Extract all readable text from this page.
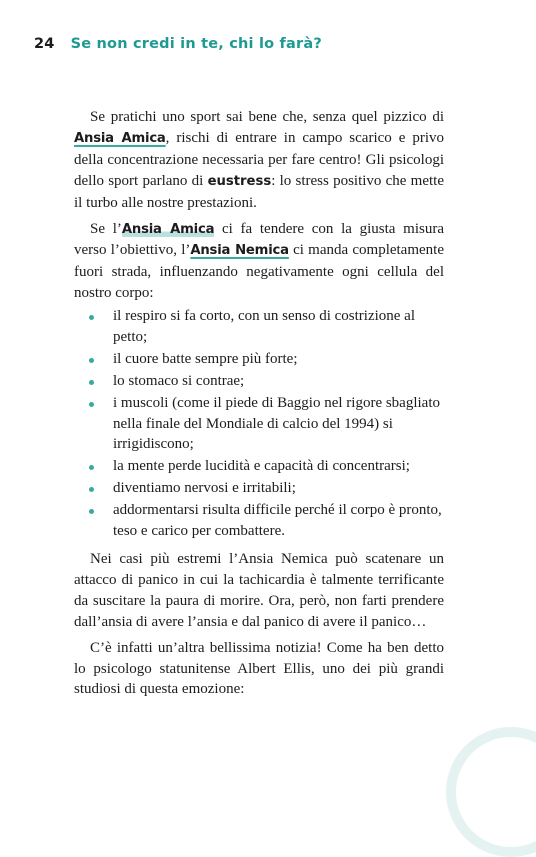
24 Se non credi in te, chi lo farà?

Se pratichi uno sport sai bene che, senza quel pizzico di Ansia Amica, rischi di entrare in campo scarico e privo della concentrazione necessaria per fare centro! Gli psicologi dello sport parlano di eustress: lo stress positivo che mette il turbo alle nostre prestazioni.

Se l’Ansia Amica ci fa tendere con la giusta misura verso l’obiettivo, l’Ansia Nemica ci manda completamente fuori strada, influenzando negativamente ogni cellula del nostro corpo:

il respiro si fa corto, con un senso di costrizione al petto;
il cuore batte sempre più forte;
lo stomaco si contrae;
i muscoli (come il piede di Baggio nel rigore sbagliato nella finale del Mondiale di calcio del 1994) si irrigidiscono;
la mente perde lucidità e capacità di concentrarsi;
diventiamo nervosi e irritabili;
addormentarsi risulta difficile perché il corpo è pronto, teso e carico per combattere.

Nei casi più estremi l’Ansia Nemica può scatenare un attacco di panico in cui la tachicardia è talmente terrificante da suscitare la paura di morire. Ora, però, non farti prendere dall’ansia di avere l’ansia e dal panico di avere il panico…

C’è infatti un’altra bellissima notizia! Come ha ben detto lo psicologo statunitense Albert Ellis, uno dei più grandi studiosi di questa emozione:
